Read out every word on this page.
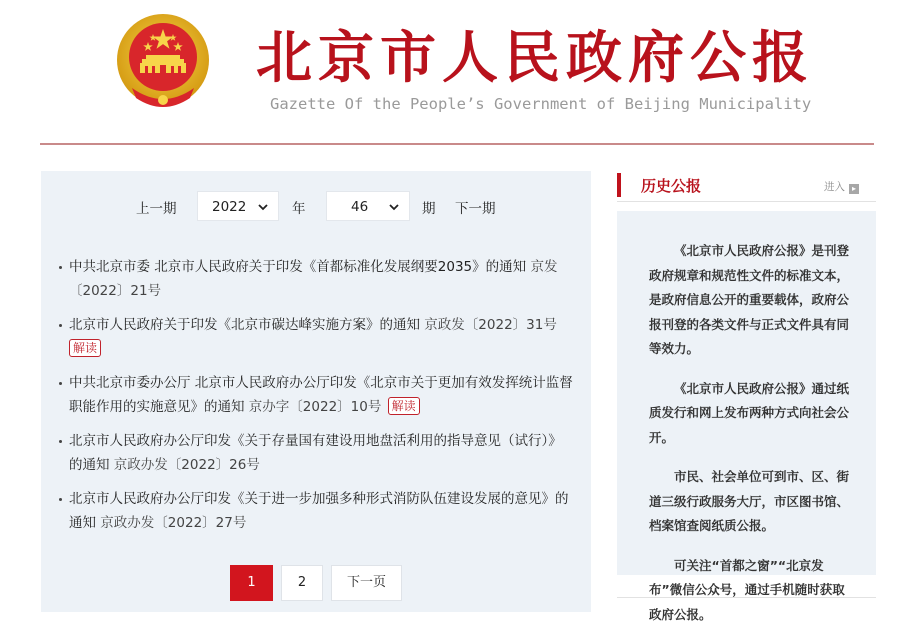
北京市人民政府公报
Gazette Of the People’s Government of Beijing Municipality
上一期	2022	年	46	期 下一期
中共北京市委 北京市人民政府关于印发《首都标准化发展纲要2035》的通知 京发〔2022〕21号
北京市人民政府关于印发《北京市碳达峰实施方案》的通知 京政发〔2022〕31号
解读
中共北京市委办公厅 北京市人民政府办公厅印发《北京市关于更加有效发挥统计监督职能作用的实施意见》的通知 京办字〔2022〕10号 解读
北京市人民政府办公厅印发《关于存量国有建设用地盘活利用的指导意见（试行）》的通知 京政办发〔2022〕26号
北京市人民政府办公厅印发《关于进一步加强多种形式消防队伍建设发展的意见》的通知 京政办发〔2022〕27号
1	2	下一页
历史公报	进入 ▸

《北京市人民政府公报》是刊登政府规章和规范性文件的标准文本，是政府信息公开的重要载体，政府公报刊登的各类文件与正式文件具有同等效力。

《北京市人民政府公报》通过纸质发行和网上发布两种方式向社会公开。

市民、社会单位可到市、区、街道三级行政服务大厅，市区图书馆、档案馆查阅纸质公报。

可关注“首都之窗”“北京发布”微信公众号，通过手机随时获取政府公报。
